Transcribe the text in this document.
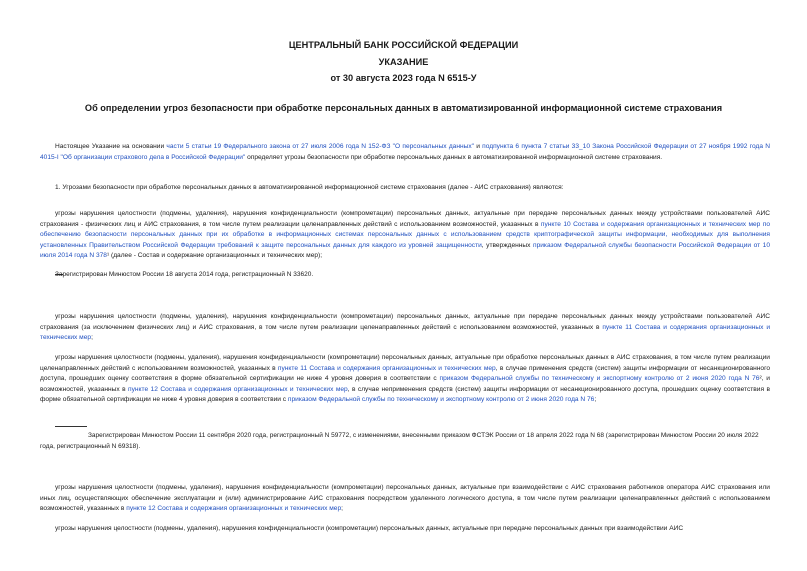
ЦЕНТРАЛЬНЫЙ БАНК РОССИЙСКОЙ ФЕДЕРАЦИИ
УКАЗАНИЕ
от 30 августа 2023 года N 6515-У
Об определении угроз безопасности при обработке персональных данных в автоматизированной информационной системе страхования
Настоящее Указание на основании части 5 статьи 19 Федерального закона от 27 июля 2006 года N 152-ФЗ "О персональных данных" и подпункта 6 пункта 7 статьи 33_10 Закона Российской Федерации от 27 ноября 1992 года N 4015-I "Об организации страхового дела в Российской Федерации" определяет угрозы безопасности при обработке персональных данных в автоматизированной информационной системе страхования.
1. Угрозами безопасности при обработке персональных данных в автоматизированной информационной системе страхования (далее - АИС страхования) являются:
угрозы нарушения целостности (подмены, удаления), нарушения конфиденциальности (компрометации) персональных данных, актуальные при передаче персональных данных между устройствами пользователей АИС страхования - физических лиц и АИС страхования, в том числе путем реализации целенаправленных действий с использованием возможностей, указанных в пункте 10 Состава и содержания организационных и технических мер по обеспечению безопасности персональных данных при их обработке в информационных системах персональных данных с использованием средств криптографической защиты информации, необходимых для выполнения установленных Правительством Российской Федерации требований к защите персональных данных для каждого из уровней защищенности, утвержденных приказом Федеральной службы безопасности Российской Федерации от 10 июля 2014 года N 378¹ (далее - Состав и содержание организационных и технических мер);
Зарегистрирован Минюстом России 18 августа 2014 года, регистрационный N 33620.
угрозы нарушения целостности (подмены, удаления), нарушения конфиденциальности (компрометации) персональных данных, актуальные при передаче персональных данных между устройствами пользователей АИС страхования (за исключением физических лиц) и АИС страхования, в том числе путем реализации целенаправленных действий с использованием возможностей, указанных в пункте 11 Состава и содержания организационных и технических мер;
угрозы нарушения целостности (подмены, удаления), нарушения конфиденциальности (компрометации) персональных данных, актуальные при обработке персональных данных в АИС страхования, в том числе путем реализации целенаправленных действий с использованием возможностей, указанных в пункте 11 Состава и содержания организационных и технических мер, в случае применения средств (систем) защиты информации от несанкционированного доступа, прошедших оценку соответствия в форме обязательной сертификации не ниже 4 уровня доверия в соответствии с приказом Федеральной службы по техническому и экспортному контролю от 2 июня 2020 года N 76², и возможностей, указанных в пункте 12 Состава и содержания организационных и технических мер, в случае неприменения средств (систем) защиты информации от несанкционированного доступа, прошедших оценку соответствия в форме обязательной сертификации не ниже 4 уровня доверия в соответствии с приказом Федеральной службы по техническому и экспортному контролю от 2 июня 2020 года N 76;
Зарегистрирован Минюстом России 11 сентября 2020 года, регистрационный N 59772, с изменениями, внесенными приказом ФСТЭК России от 18 апреля 2022 года N 68 (зарегистрирован Минюстом России 20 июля 2022 года, регистрационный N 69318).
угрозы нарушения целостности (подмены, удаления), нарушения конфиденциальности (компрометации) персональных данных, актуальные при взаимодействии с АИС страхования работников оператора АИС страхования или иных лиц, осуществляющих обеспечение эксплуатации и (или) администрирование АИС страхования посредством удаленного логического доступа, в том числе путем реализации целенаправленных действий с использованием возможностей, указанных в пункте 12 Состава и содержания организационных и технических мер;
угрозы нарушения целостности (подмены, удаления), нарушения конфиденциальности (компрометации) персональных данных, актуальные при передаче персональных данных при взаимодействии АИС
